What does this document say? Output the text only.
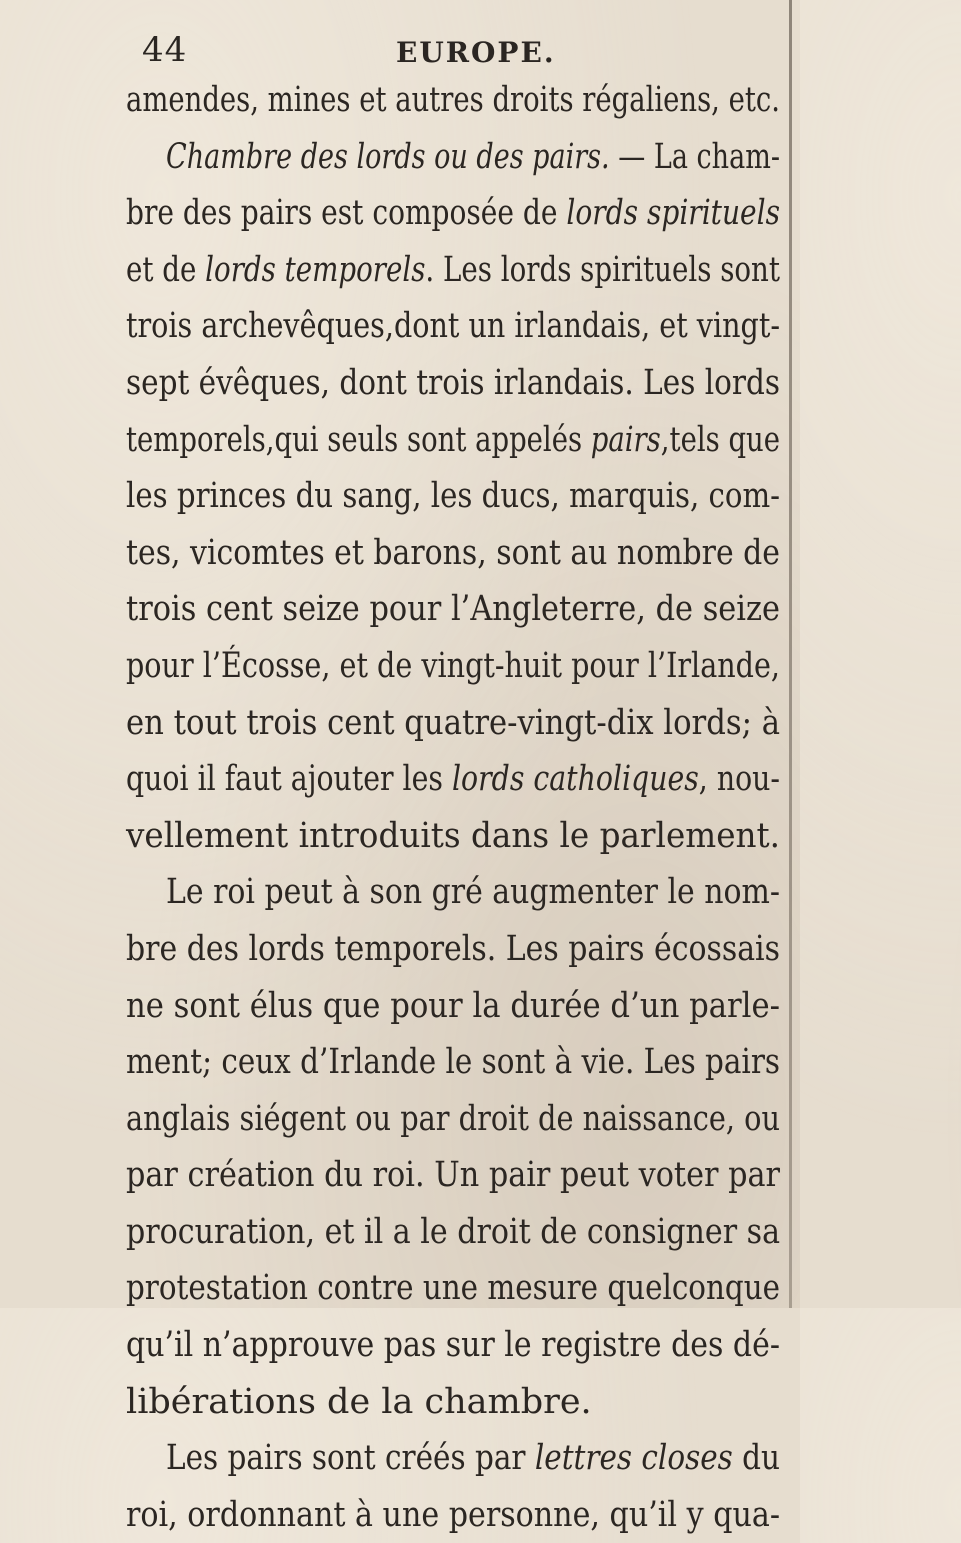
44	EUROPE.
amendes, mines et autres droits régaliens, etc.
Chambre des lords ou des pairs. — La cham-
bre des pairs est composée de lords spirituels
et de lords temporels. Les lords spirituels sont
trois archevêques,dont un irlandais, et vingt-
sept évêques, dont trois irlandais. Les lords
temporels,qui seuls sont appelés pairs,tels que
les princes du sang, les ducs, marquis, com-
tes, vicomtes et barons, sont au nombre de
trois cent seize pour l’Angleterre, de seize
pour l’Écosse, et de vingt-huit pour l’Irlande,
en tout trois cent quatre-vingt-dix lords; à
quoi il faut ajouter les lords catholiques, nou-
vellement introduits dans le parlement.
Le roi peut à son gré augmenter le nom-
bre des lords temporels. Les pairs écossais
ne sont élus que pour la durée d’un parle-
ment; ceux d’Irlande le sont à vie. Les pairs
anglais siégent ou par droit de naissance, ou
par création du roi. Un pair peut voter par
procuration, et il a le droit de consigner sa
protestation contre une mesure quelconque
qu’il n’approuve pas sur le registre des dé-
libérations de la chambre.
Les pairs sont créés par lettres closes du
roi, ordonnant à une personne, qu’il y qua-
